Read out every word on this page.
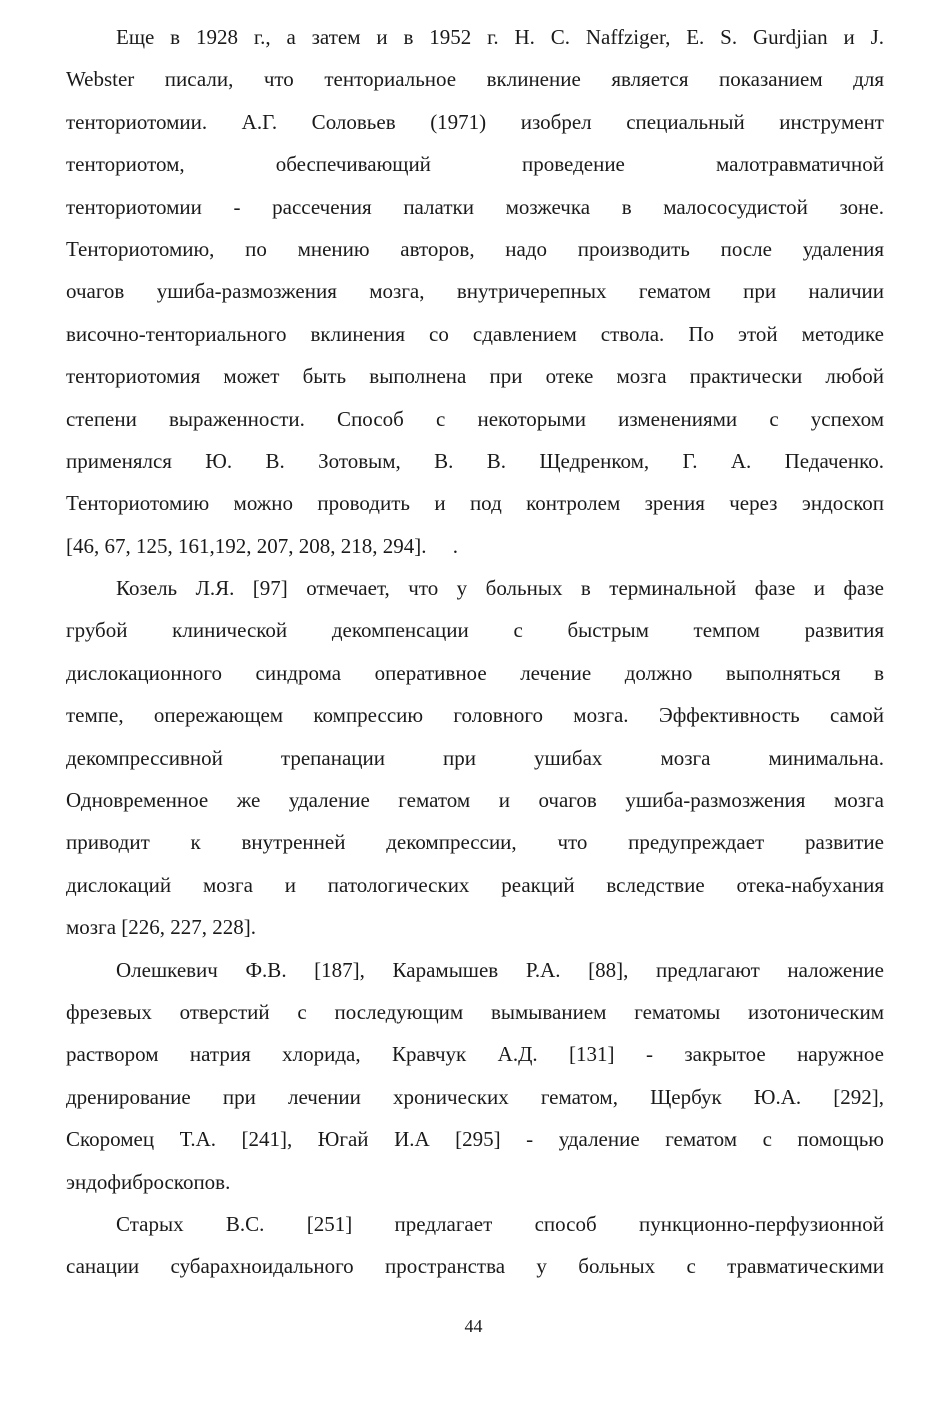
Еще в 1928 г., а затем и в 1952 г. Н. С. Naffziger, E. S. Gurdjian и J.
Webster писали, что тенториальное вклинение является показанием для
тенториотомии. А.Г. Соловьев (1971) изобрел специальный инструмент
тенториотом, обеспечивающий проведение малотравматичной
тенториотомии - рассечения палатки мозжечка в малососудистой зоне.
Тенториотомию, по мнению авторов, надо производить после удаления
очагов ушиба-размозжения мозга, внутричерепных гематом при наличии
височно-тенториального вклинения со сдавлением ствола. По этой методике
тенториотомия может быть выполнена при отеке мозга практически любой
степени выраженности. Способ с некоторыми изменениями с успехом
применялся Ю. В. Зотовым, В. В. Щедренком, Г. А. Педаченко.
Тенториотомию можно проводить и под контролем зрения через эндоскоп
[46, 67, 125, 161,192, 207, 208, 218, 294].     .
Козель Л.Я. [97] отмечает, что у больных в терминальной фазе и фазе
грубой клинической декомпенсации с быстрым темпом развития
дислокационного синдрома оперативное лечение должно выполняться в
темпе, опережающем компрессию головного мозга. Эффективность самой
декомпрессивной трепанации при ушибах мозга минимальна.
Одновременное же удаление гематом и очагов ушиба-размозжения мозга
приводит к внутренней декомпрессии, что предупреждает развитие
дислокаций мозга и патологических реакций вследствие отека-набухания
мозга [226, 227, 228].
Олешкевич Ф.В. [187], Карамышев Р.А. [88], предлагают наложение
фрезевых отверстий с последующим вымыванием гематомы изотоническим
раствором натрия хлорида, Кравчук А.Д. [131] - закрытое наружное
дренирование при лечении хронических гематом, Щербук Ю.А. [292],
Скоромец Т.А. [241], Югай И.А [295] - удаление гематом с помощью
эндофиброскопов.
Старых В.С. [251] предлагает способ пункционно-перфузионной
санации субарахноидального пространства у больных с травматическими
44
